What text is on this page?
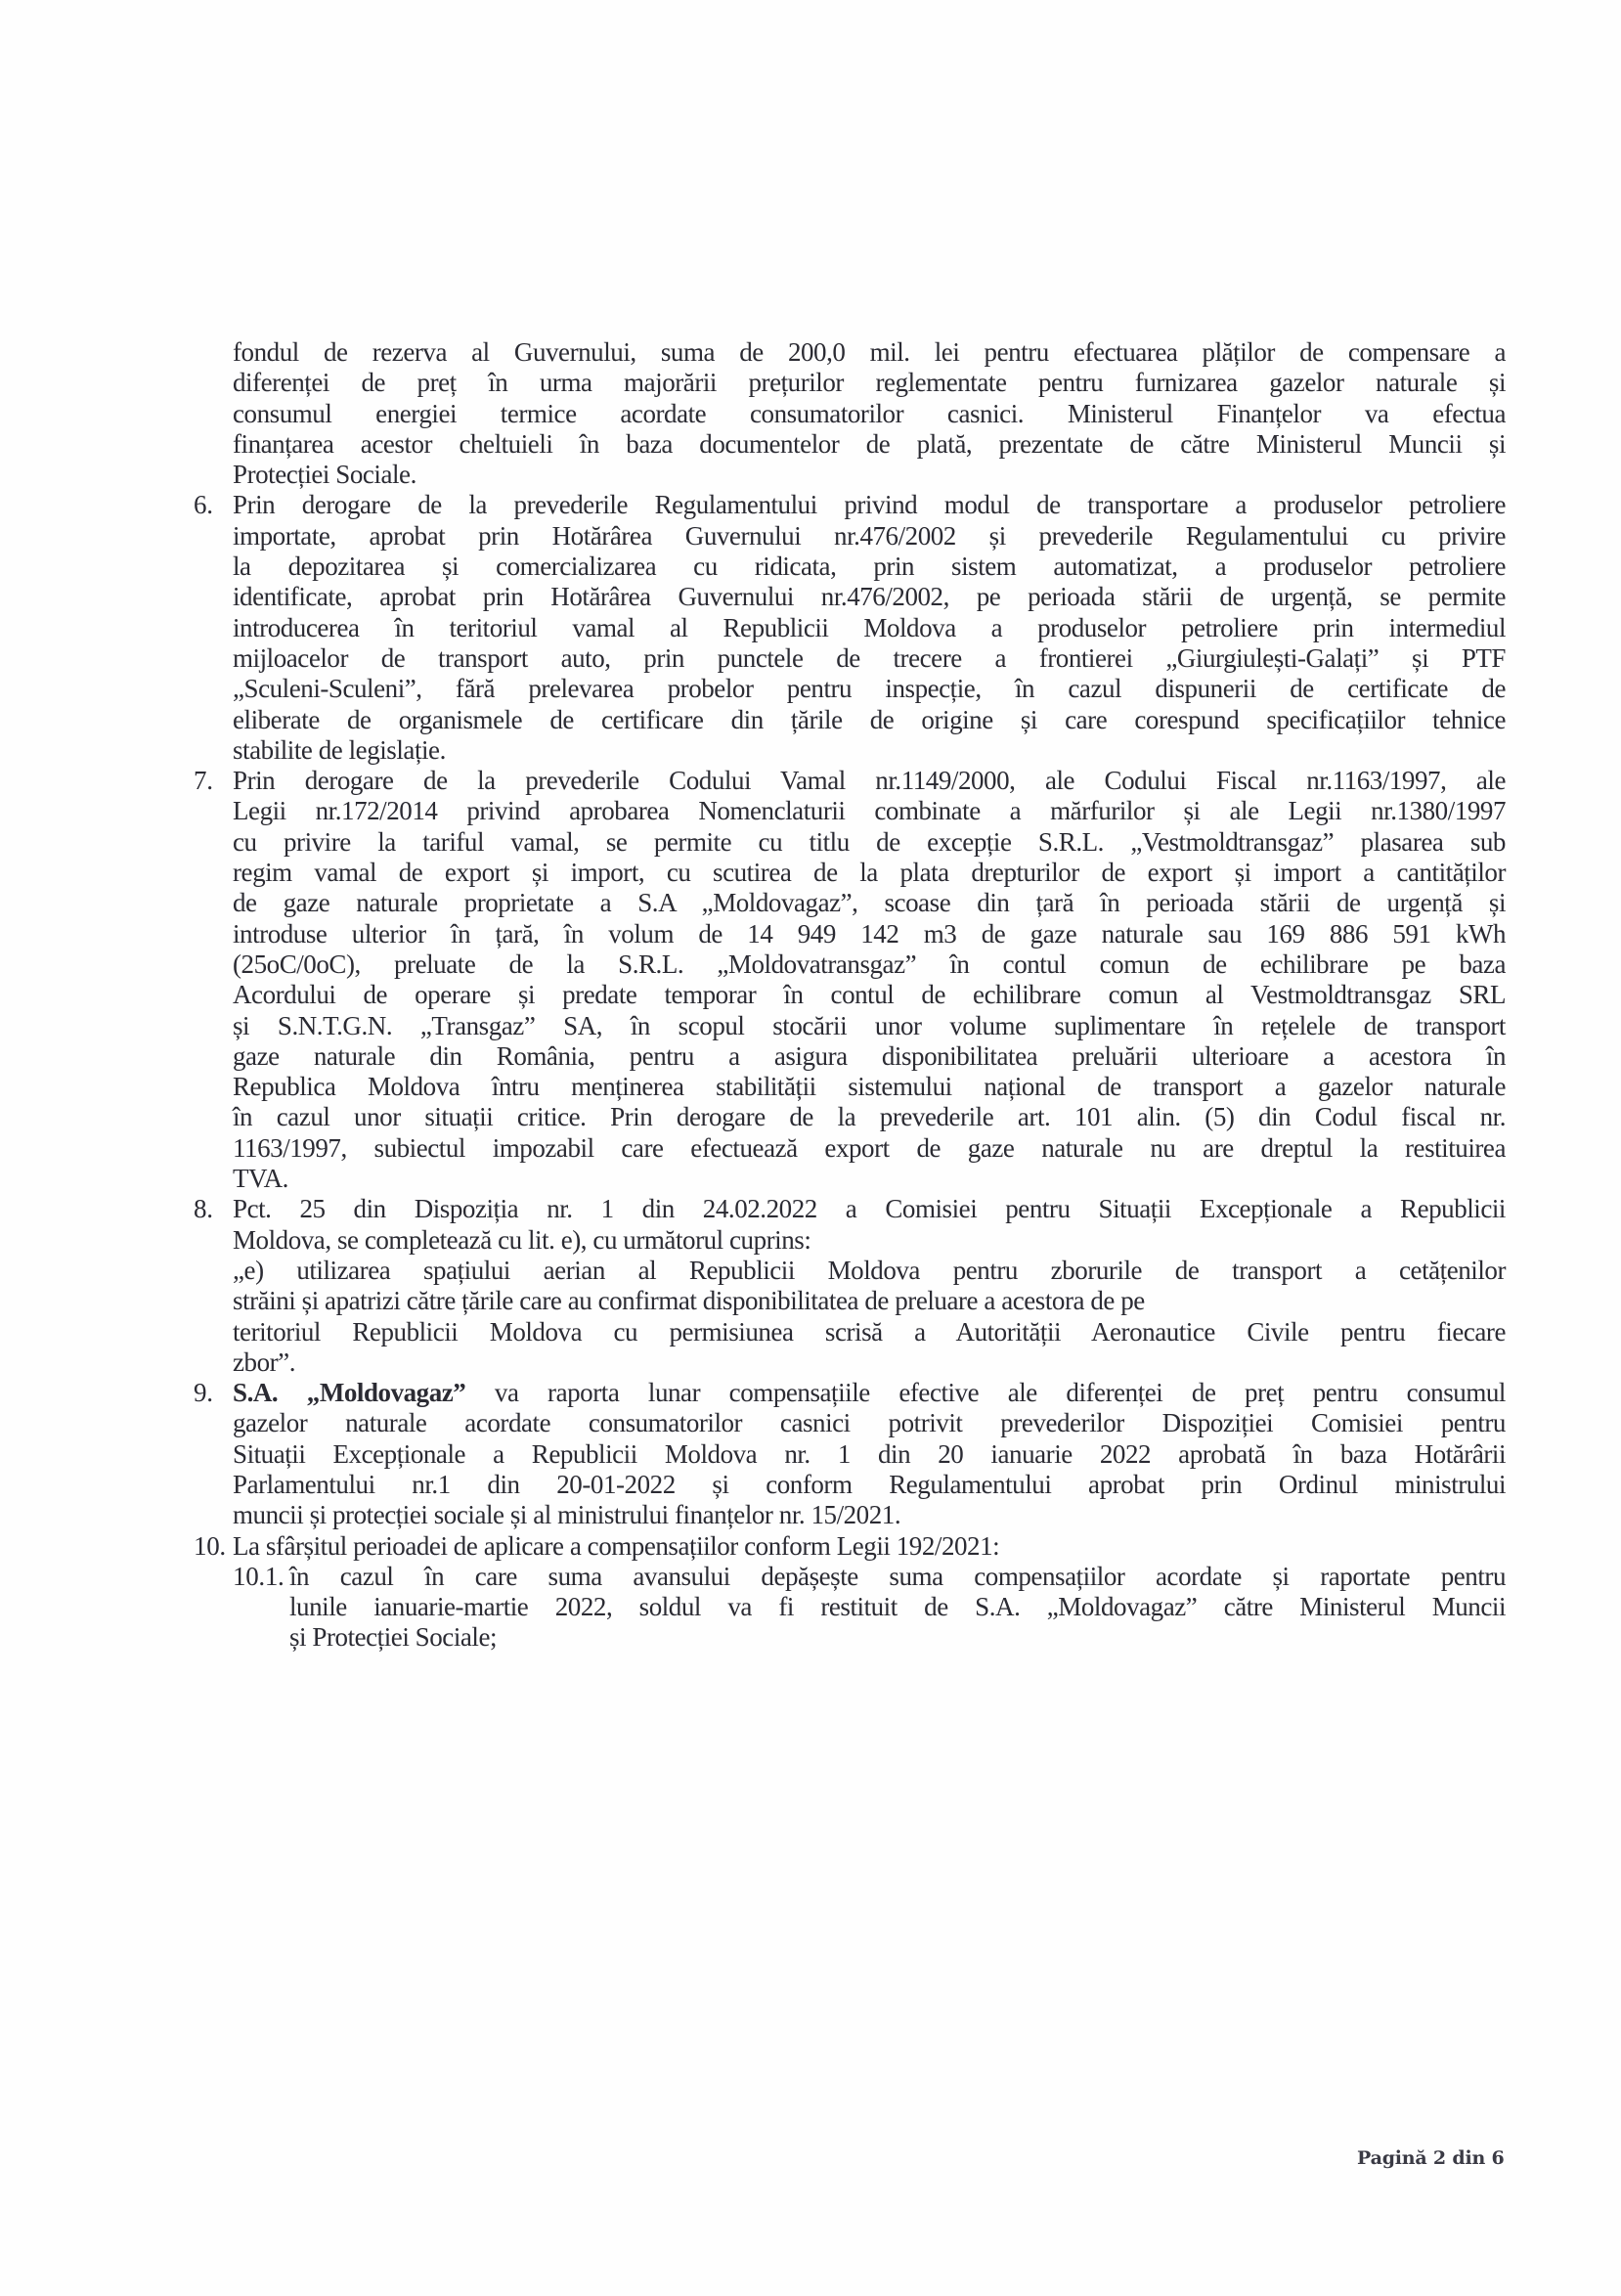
fondul de rezerva al Guvernului, suma de 200,0 mil. lei pentru efectuarea plăților de compensare a
diferenței de preț în urma majorării prețurilor reglementate pentru furnizarea gazelor naturale și
consumul energiei termice acordate consumatorilor casnici. Ministerul Finanțelor va efectua
finanțarea acestor cheltuieli în baza documentelor de plată, prezentate de către Ministerul Muncii și
Protecției Sociale.
6. Prin derogare de la prevederile Regulamentului privind modul de transportare a produselor petroliere
importate, aprobat prin Hotărârea Guvernului nr.476/2002 și prevederile Regulamentului cu privire
la depozitarea și comercializarea cu ridicata, prin sistem automatizat, a produselor petroliere
identificate, aprobat prin Hotărârea Guvernului nr.476/2002, pe perioada stării de urgență, se permite
introducerea în teritoriul vamal al Republicii Moldova a produselor petroliere prin intermediul
mijloacelor de transport auto, prin punctele de trecere a frontierei „Giurgiulești-Galați” și PTF
„Sculeni-Sculeni”, fără prelevarea probelor pentru inspecție, în cazul dispunerii de certificate de
eliberate de organismele de certificare din țările de origine și care corespund specificațiilor tehnice
stabilite de legislație.
7. Prin derogare de la prevederile Codului Vamal nr.1149/2000, ale Codului Fiscal nr.1163/1997, ale
Legii nr.172/2014 privind aprobarea Nomenclaturii combinate a mărfurilor și ale Legii nr.1380/1997
cu privire la tariful vamal, se permite cu titlu de excepție S.R.L. „Vestmoldtransgaz” plasarea sub
regim vamal de export și import, cu scutirea de la plata drepturilor de export și import a cantităților
de gaze naturale proprietate a S.A „Moldovagaz”, scoase din țară în perioada stării de urgență și
introduse ulterior în țară, în volum de 14 949 142 m3 de gaze naturale sau 169 886 591 kWh
(25oC/0oC), preluate de la S.R.L. „Moldovatransgaz” în contul comun de echilibrare pe baza
Acordului de operare și predate temporar în contul de echilibrare comun al Vestmoldtransgaz SRL
și S.N.T.G.N. „Transgaz” SA, în scopul stocării unor volume suplimentare în rețelele de transport
gaze naturale din România, pentru a asigura disponibilitatea preluării ulterioare a acestora în
Republica Moldova întru menținerea stabilității sistemului național de transport a gazelor naturale
în cazul unor situații critice. Prin derogare de la prevederile art. 101 alin. (5) din Codul fiscal nr.
1163/1997, subiectul impozabil care efectuează export de gaze naturale nu are dreptul la restituirea
TVA.
8. Pct. 25 din Dispoziția nr. 1 din 24.02.2022 a Comisiei pentru Situații Excepționale a Republicii
Moldova, se completează cu lit. e), cu următorul cuprins:
„e) utilizarea spațiului aerian al Republicii Moldova pentru zborurile de transport a cetățenilor
străini și apatrizi către țările care au confirmat disponibilitatea de preluare a acestora de pe
teritoriul Republicii Moldova cu permisiunea scrisă a Autorității Aeronautice Civile pentru fiecare
zbor”.
9. S.A. „Moldovagaz” va raporta lunar compensațiile efective ale diferenței de preț pentru consumul
gazelor naturale acordate consumatorilor casnici potrivit prevederilor Dispoziției Comisiei pentru
Situații Excepționale a Republicii Moldova nr. 1 din 20 ianuarie 2022 aprobată în baza Hotărârii
Parlamentului nr.1 din 20-01-2022 și conform Regulamentului aprobat prin Ordinul ministrului
muncii și protecției sociale și al ministrului finanțelor nr. 15/2021.
10. La sfârșitul perioadei de aplicare a compensațiilor conform Legii 192/2021:
10.1. în cazul în care suma avansului depășește suma compensațiilor acordate și raportate pentru
lunile ianuarie-martie 2022, soldul va fi restituit de S.A. „Moldovagaz” către Ministerul Muncii
și Protecției Sociale;
Pagină 2 din 6
